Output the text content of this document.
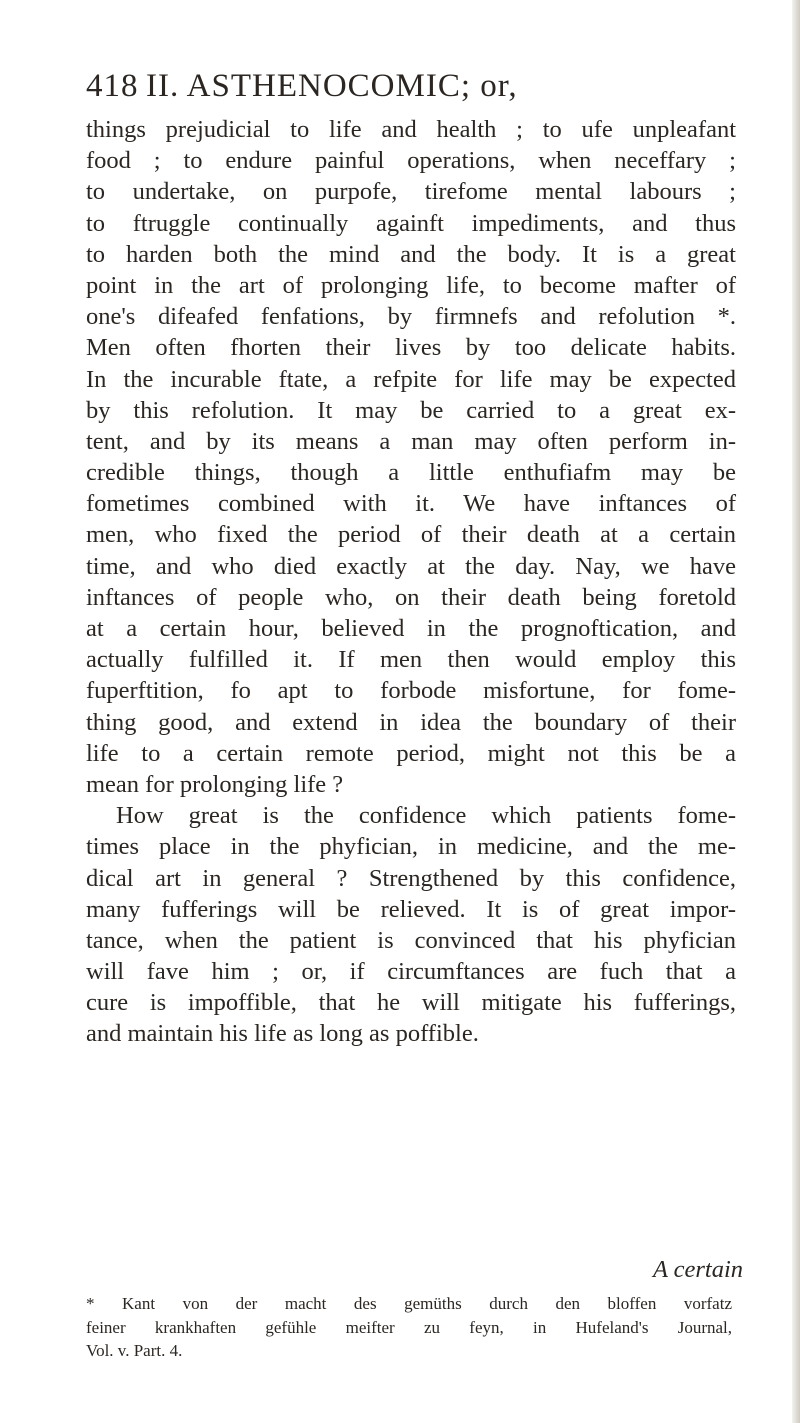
418 II. ASTHENOCOMIC; or,
things prejudicial to life and health ; to ufe unpleafant
food ; to endure painful operations, when neceffary ;
to undertake, on purpofe, tirefome mental labours ;
to ftruggle continually againft impediments, and thus
to harden both the mind and the body. It is a great
point in the art of prolonging life, to become mafter of
one's difeafed fenfations, by firmnefs and refolution *.
Men often fhorten their lives by too delicate habits.
In the incurable ftate, a refpite for life may be expected
by this refolution. It may be carried to a great ex-
tent, and by its means a man may often perform in-
credible things, though a little enthufiafm may be
fometimes combined with it. We have inftances of
men, who fixed the period of their death at a certain
time, and who died exactly at the day. Nay, we have
inftances of people who, on their death being foretold
at a certain hour, believed in the prognoftication, and
actually fulfilled it. If men then would employ this
fuperftition, fo apt to forbode misfortune, for fome-
thing good, and extend in idea the boundary of their
life to a certain remote period, might not this be a
mean for prolonging life ?
How great is the confidence which patients fome-
times place in the phyfician, in medicine, and the me-
dical art in general ? Strengthened by this confidence,
many fufferings will be relieved. It is of great impor-
tance, when the patient is convinced that his phyfician
will fave him ; or, if circumftances are fuch that a
cure is impoffible, that he will mitigate his fufferings,
and maintain his life as long as poffible.
A certain
* Kant von der macht des gemüths durch den bloffen vorfatz
feiner krankhaften gefühle meifter zu feyn, in Hufeland's Journal,
Vol. v. Part. 4.
